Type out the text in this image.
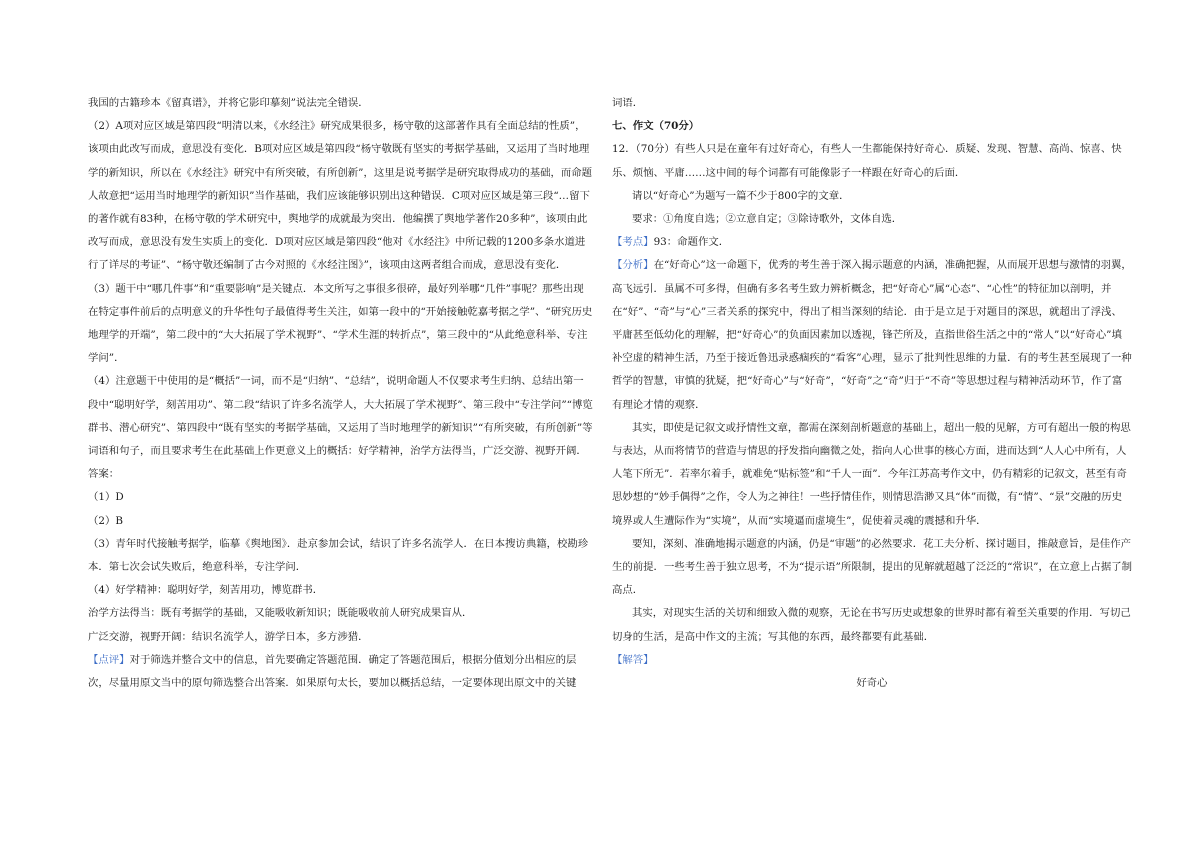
我国的古籍珍本《留真谱》，并将它影印摹刻”说法完全错误．

（2）A项对应区域是第四段“明清以来，《水经注》研究成果很多，杨守敬的这部著作具有全面总结的性质”，该项由此改写而成，意思没有变化．B项对应区域是第四段“杨守敬既有坚实的考据学基础，又运用了当时地理学的新知识，所以在《水经注》研究中有所突破，有所创新”，这里是说考据学是研究取得成功的基础，而命题人故意把“运用当时地理学的新知识”当作基础，我们应该能够识别出这种错误．C项对应区域是第三段“…留下的著作就有83种，在杨守敬的学术研究中，舆地学的成就最为突出．他编撰了舆地学著作20多种”，该项由此改写而成，意思没有发生实质上的变化．D项对应区域是第四段“他对《水经注》中所记载的1200多条水道进行了详尽的考证”、“杨守敬还编制了古今对照的《水经注图》”，该项由这两者组合而成，意思没有变化．

（3）题干中“哪几件事”和“重要影响”是关键点．本文所写之事很多很碎，最好列举哪“几件”事呢？那些出现在特定事件前后的点明意义的升华性句子最值得考生关注，如第一段中的“开始接触乾嘉考据之学”、“研究历史地理学的开端”，第二段中的“大大拓展了学术视野”、“学术生涯的转折点”，第三段中的“从此绝意科举、专注学问”．

（4）注意题干中使用的是“概括”一词，而不是“归纳”、“总结”，说明命题人不仅要求考生归纳、总结出第一段中“聪明好学，刻苦用功”、第二段“结识了许多名流学人，大大拓展了学术视野”、第三段中“专注学问”“博览群书、潜心研究”、第四段中“既有坚实的考据学基础，又运用了当时地理学的新知识”“有所突破，有所创新”等词语和句子，而且要求考生在此基础上作更意义上的概括：好学精神，治学方法得当，广泛交游、视野开阔．

答案：

（1）D

（2）B

（3）青年时代接触考据学，临摹《舆地图》．赴京参加会试，结识了许多名流学人．在日本搜访典籍，校勘珍本．第七次会试失败后，绝意科举，专注学问．

（4）好学精神：聪明好学，刻苦用功，博览群书．

治学方法得当：既有考据学的基础，又能吸收新知识；既能吸收前人研究成果盲从．

广泛交游，视野开阔：结识名流学人，游学日本，多方涉猎．

【点评】对于筛选并整合文中的信息，首先要确定答题范围．确定了答题范围后，根据分值划分出相应的层次，尽量用原文当中的原句筛选整合出答案．如果原句太长，要加以概括总结，一定要体现出原文中的关键

词语．

七、作文（70分）

12．（70分）有些人只是在童年有过好奇心，有些人一生都能保持好奇心．质疑、发现、智慧、高尚、惊喜、快乐、烦恼、平庸……这中间的每个词都有可能像影子一样跟在好奇心的后面．

请以“好奇心”为题写一篇不少于800字的文章．

要求：①角度自选；②立意自定；③除诗歌外，文体自选．

【考点】93：命题作文．

【分析】在“好奇心”这一命题下，优秀的考生善于深入揭示题意的内涵，准确把握，从而展开思想与激情的羽翼，高飞远引．虽属不可多得，但确有多名考生致力辨析概念，把“好奇心”属“心态”、“心性”的特征加以剖明，并在“好”、“奇”与“心”三者关系的探究中，得出了相当深刻的结论．由于是立足于对题目的深思，就超出了浮浅、平庸甚至低幼化的理解，把“好奇心”的负面因素加以透视，锋芒所及，直指世俗生活之中的“常人”以“好奇心”填补空虚的精神生活，乃至于接近鲁迅录惑痼疾的“看客”心理，显示了批判性思维的力量．有的考生甚至展现了一种哲学的智慧，审慎的犹疑，把“好奇心”与“好奇”，“好奇”之“奇”归于“不奇”等思想过程与精神活动环节，作了富有理论才情的观察．

其实，即使是记叙文或抒情性文章，都需在深刻剖析题意的基础上，超出一般的见解，方可有超出一般的构思与表达，从而将情节的营造与情思的抒发指向幽微之处，指向人心世事的核心方面，进而达到“人人心中所有，人人笔下所无”．若率尔着手，就难免“贴标签”和“千人一面”．今年江苏高考作文中，仍有精彩的记叙文，甚至有奇思妙想的“妙手偶得”之作，令人为之神往！一些抒情佳作，则情思浩渺又具“体”而微，有“情”、“景”交融的历史境界或人生遭际作为“实境”，从而“实境逼而虚境生”，促使着灵魂的震撼和升华．

要知，深刻、准确地揭示题意的内涵，仍是“审题”的必然要求．花工夫分析、探讨题目，推敲意旨，是佳作产生的前提．一些考生善于独立思考，不为“提示语”所限制，提出的见解就超越了泛泛的“常识”，在立意上占据了制高点．

其实，对现实生活的关切和细致入微的观察，无论在书写历史或想象的世界时都有着至关重要的作用．写切己切身的生活，是高中作文的主流；写其他的东西，最终都要有此基础．

【解答】

好奇心
